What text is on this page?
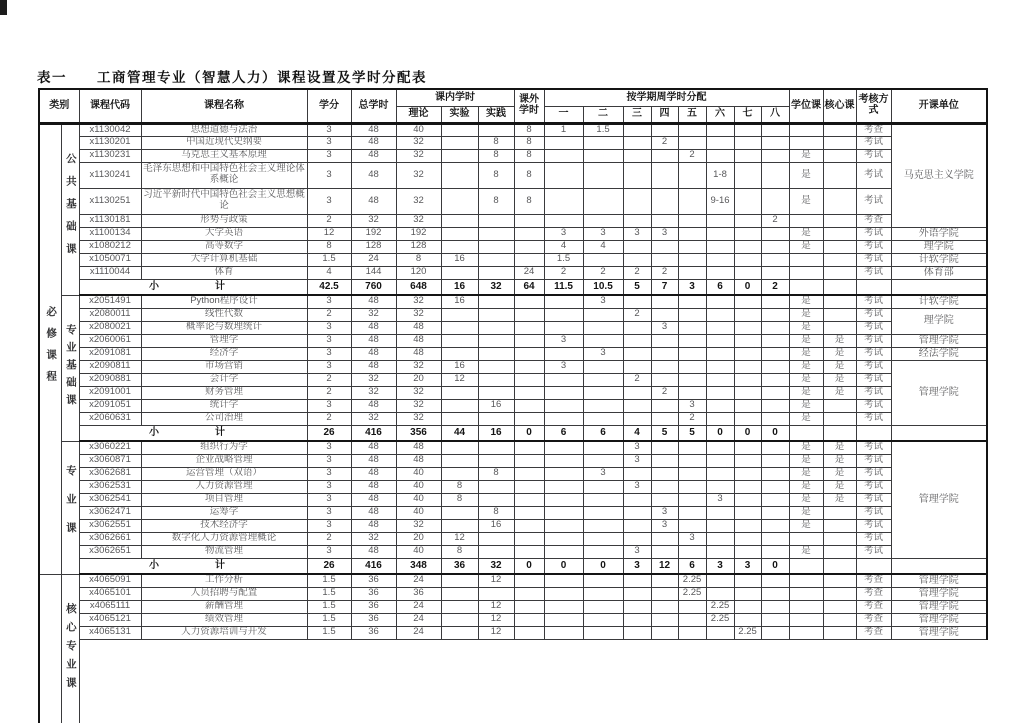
表一　　工商管理专业（智慧人力）课程设置及学时分配表
类别		课程代码	课程名称	学分	总学时	课内学时			课外学时	按学期周学时分配								学位课	核心课	考核方式	开课单位
						理论	实验	实践		一	二	三	四	五	六	七	八				

必修课程	公共基础课	x1130042	思想道德与法治	3	48	40			8	1	1.5									考查	马克思主义学院
		x1130201	中国近现代史纲要	3	48	32		8	8				2							考试	
		x1130231	马克思主义基本原理	3	48	32		8	8					2				是		考试	
		x1130241	毛泽东思想和中国特色社会主义理论体系概论	3	48	32		8	8						1-8			是		考试	
		x1130251	习近平新时代中国特色社会主义思想概论	3	48	32		8	8						9-16			是		考试	
		x1130181	形势与政策	2	32	32											2			考查	
		x1100134	大学英语	12	192	192				3	3	3	3					是		考试	外语学院
		x1080212	高等数学	8	128	128				4	4							是		考试	理学院
		x1050071	大学计算机基础	1.5	24	8	16			1.5										考试	计软学院
		x1110044	体育	4	144	120			24	2	2	2	2							考试	体育部
		小　　计		42.5	760	648	16	32	64	11.5	10.5	5	7	3	6	0	2				

	专业基础课	x2051491	Python程序设计	3	48	32	16				3							是		考试	计软学院
		x2080011	线性代数	2	32	32						2						是		考试	理学院
		x2080021	概率论与数理统计	3	48	48							3					是		考试	
		x2060061	管理学	3	48	48				3								是	是	考试	管理学院
		x2091081	经济学	3	48	48					3							是	是	考试	经法学院
		x2090811	市场营销	3	48	32	16			3								是	是	考试	管理学院
		x2090881	会计学	2	32	20	12					2						是	是	考试	
		x2091001	财务管理	2	32	32							2					是	是	考试	
		x2091051	统计学	3	48	32		16						3				是		考试	
		x2060631	公司治理	2	32	32								2				是		考试	
		小　　计		26	416	356	44	16	0	6	6	4	5	5	0	0	0				

	专业课	x3060221	组织行为学	3	48	48						3						是	是	考试	管理学院
		x3060871	企业战略管理	3	48	48						3						是	是	考试	
		x3062681	运营管理（双语）	3	48	40		8			3							是	是	考试	
		x3062531	人力资源管理	3	48	40	8					3						是	是	考试	
		x3062541	项目管理	3	48	40	8								3			是	是	考试	
		x3062471	运筹学	3	48	40		8					3					是		考试	
		x3062551	技术经济学	3	48	32		16					3					是		考试	
		x3062661	数字化人力资源管理概论	2	32	20	12							3						考试	
		x3062651	物流管理	3	48	40	8					3						是		考试	
		小　　计		26	416	348	36	32	0	0	0	3	12	6	3	3	0				

	核心专业课	x4065091	工作分析	1.5	36	24		12						2.25						考查	管理学院
		x4065101	人员招聘与配置	1.5	36	36								2.25						考查	管理学院
		x4065111	薪酬管理	1.5	36	24		12							2.25					考查	管理学院
		x4065121	绩效管理	1.5	36	24		12							2.25					考查	管理学院
		x4065131	人力资源培训与开发	1.5	36	24		12								2.25				考查	管理学院
